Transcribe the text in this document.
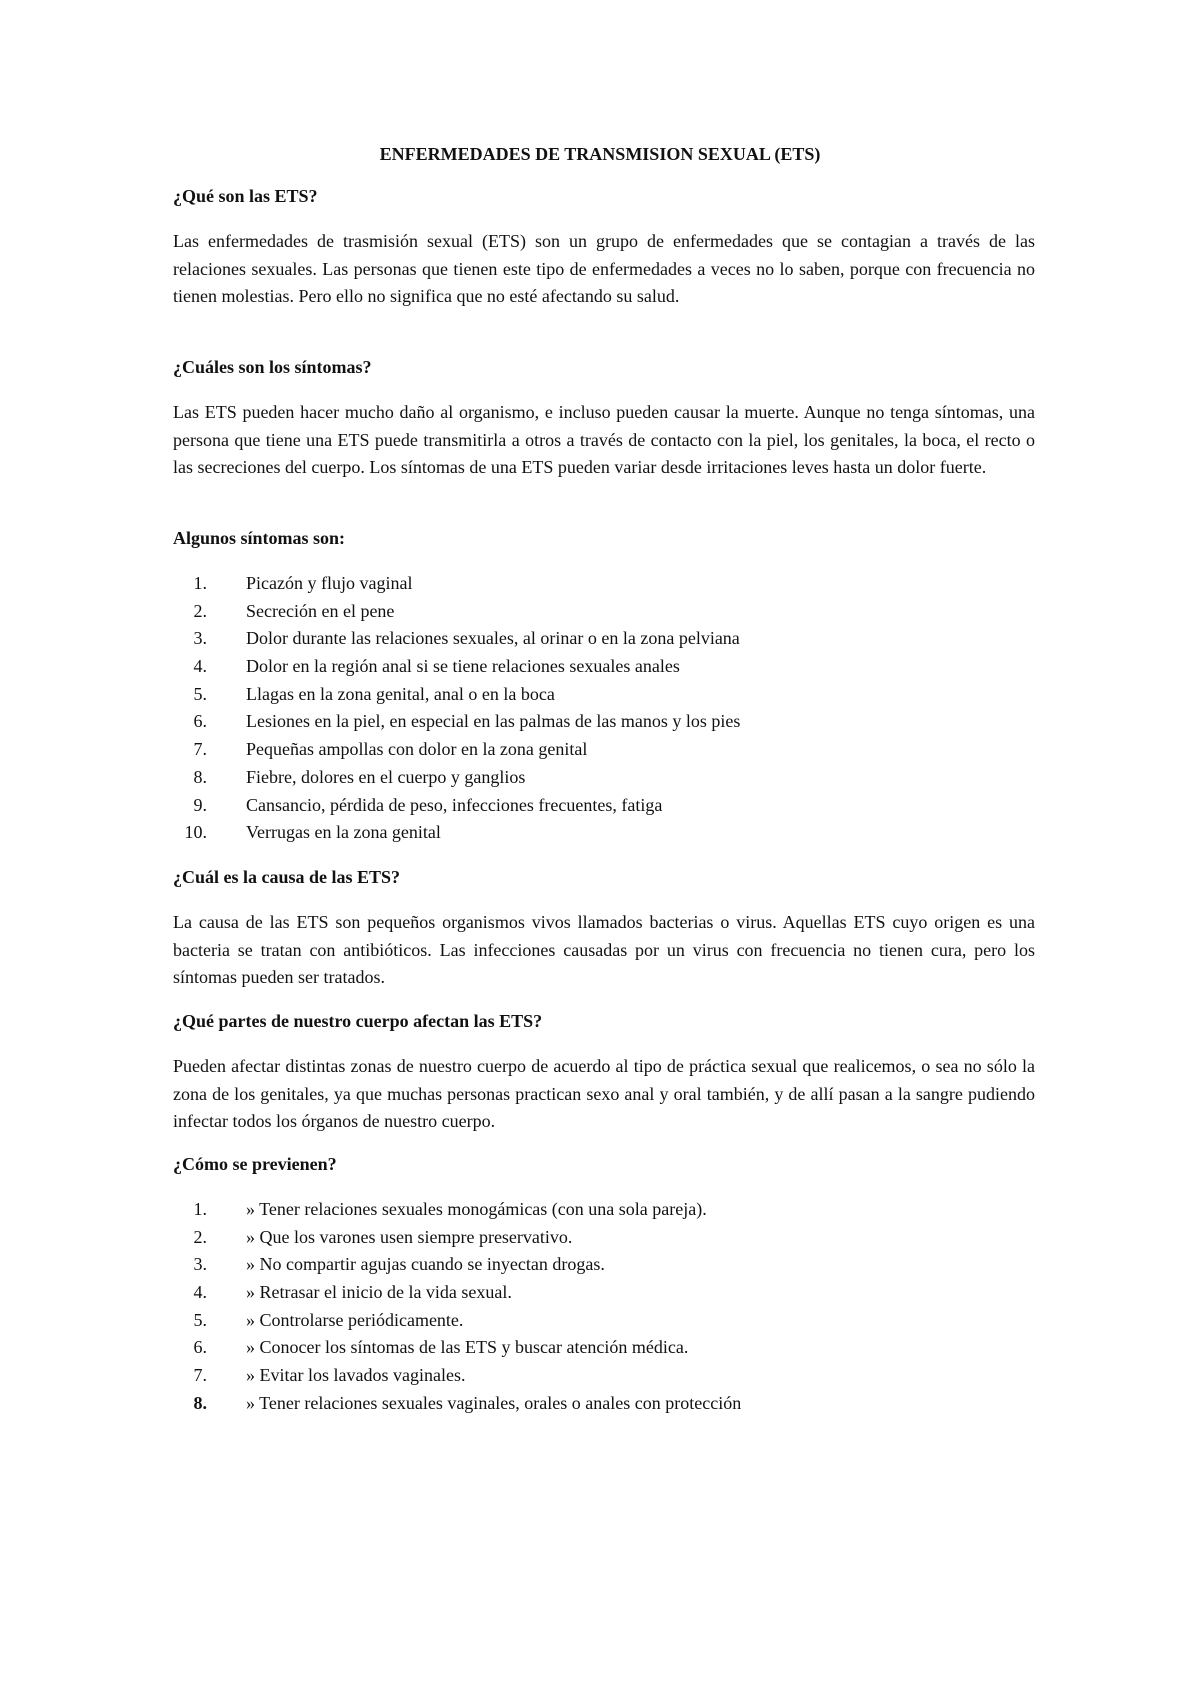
ENFERMEDADES DE TRANSMISION SEXUAL (ETS)

¿Qué son las ETS?

Las enfermedades de trasmisión sexual (ETS) son un grupo de enfermedades que se contagian a través de las relaciones sexuales. Las personas que tienen este tipo de enfermedades a veces no lo saben, porque con frecuencia no tienen molestias. Pero ello no significa que no esté afectando su salud.

¿Cuáles son los síntomas?

Las ETS pueden hacer mucho daño al organismo, e incluso pueden causar la muerte. Aunque no tenga síntomas, una persona que tiene una ETS puede transmitirla a otros a través de contacto con la piel, los genitales, la boca, el recto o las secreciones del cuerpo. Los síntomas de una ETS pueden variar desde irritaciones leves hasta un dolor fuerte.

Algunos síntomas son:

1. Picazón y flujo vaginal
2. Secreción en el pene
3. Dolor durante las relaciones sexuales, al orinar o en la zona pelviana
4. Dolor en la región anal si se tiene relaciones sexuales anales
5. Llagas en la zona genital, anal o en la boca
6. Lesiones en la piel, en especial en las palmas de las manos y los pies
7. Pequeñas ampollas con dolor en la zona genital
8. Fiebre, dolores en el cuerpo y ganglios
9. Cansancio, pérdida de peso, infecciones frecuentes, fatiga
10. Verrugas en la zona genital

¿Cuál es la causa de las ETS?

La causa de las ETS son pequeños organismos vivos llamados bacterias o virus. Aquellas ETS cuyo origen es una bacteria se tratan con antibióticos. Las infecciones causadas por un virus con frecuencia no tienen cura, pero los síntomas pueden ser tratados.

¿Qué partes de nuestro cuerpo afectan las ETS?

Pueden afectar distintas zonas de nuestro cuerpo de acuerdo al tipo de práctica sexual que realicemos, o sea no sólo la zona de los genitales, ya que muchas personas practican sexo anal y oral también, y de allí pasan a la sangre pudiendo infectar todos los órganos de nuestro cuerpo.

¿Cómo se previenen?

1. » Tener relaciones sexuales monogámicas (con una sola pareja).
2. » Que los varones usen siempre preservativo.
3. » No compartir agujas cuando se inyectan drogas.
4. » Retrasar el inicio de la vida sexual.
5. » Controlarse periódicamente.
6. » Conocer los síntomas de las ETS y buscar atención médica.
7. » Evitar los lavados vaginales.
8. » Tener relaciones sexuales vaginales, orales o anales con protección
